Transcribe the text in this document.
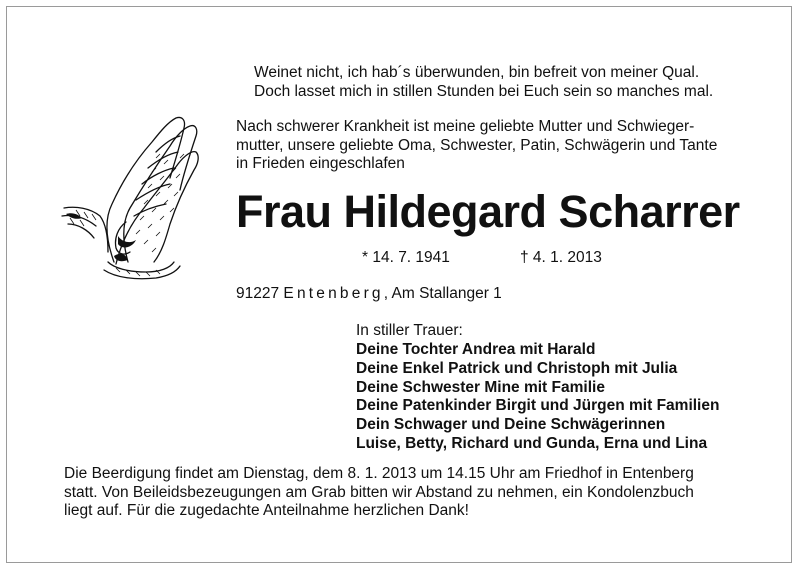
Weinet nicht, ich hab´s überwunden, bin befreit von meiner Qual.
Doch lasset mich in stillen Stunden bei Euch sein so manches mal.
Nach schwerer Krankheit ist meine geliebte Mutter und Schwieger-
mutter, unsere geliebte Oma, Schwester, Patin, Schwägerin und Tante
in Frieden eingeschlafen
Frau Hildegard Scharrer
* 14. 7. 1941	† 4. 1. 2013
91227 Entenberg, Am Stallanger 1
In stiller Trauer:
Deine Tochter Andrea mit Harald
Deine Enkel Patrick und Christoph mit Julia
Deine Schwester Mine mit Familie
Deine Patenkinder Birgit und Jürgen mit Familien
Dein Schwager und Deine Schwägerinnen
Luise, Betty, Richard und Gunda, Erna und Lina
Die Beerdigung findet am Dienstag, dem 8. 1. 2013 um 14.15 Uhr am Friedhof in Entenberg
statt. Von Beileidsbezeugungen am Grab bitten wir Abstand zu nehmen, ein Kondolenzbuch
liegt auf. Für die zugedachte Anteilnahme herzlichen Dank!
